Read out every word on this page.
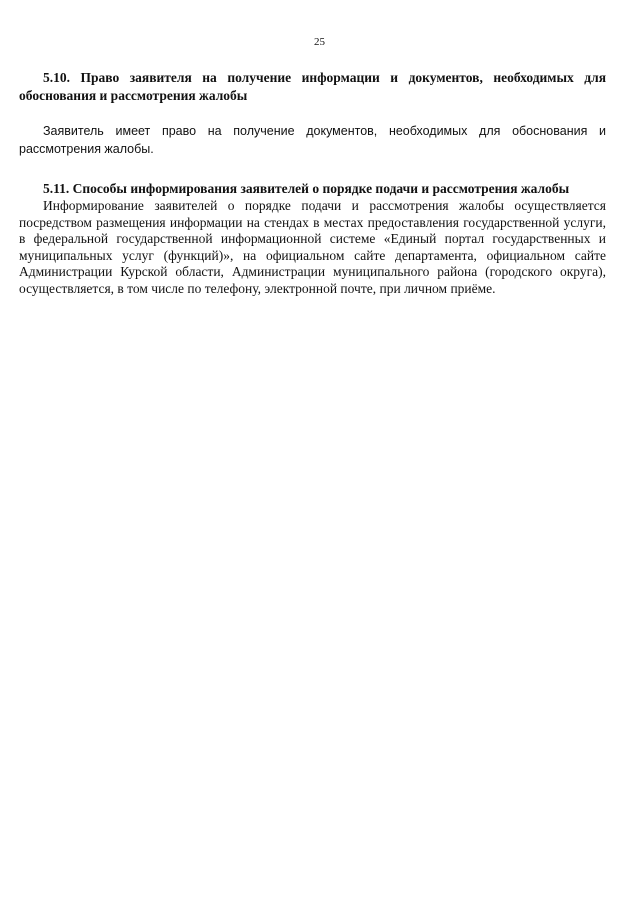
25

5.10. Право заявителя на получение информации и документов, необходимых для обоснования и рассмотрения жалобы

Заявитель имеет право на получение документов, необходимых для обоснования и рассмотрения жалобы.

5.11. Способы информирования заявителей о порядке подачи и рассмотрения жалобы

Информирование заявителей о порядке подачи и рассмотрения жалобы осуществляется посредством размещения информации на стендах в местах предоставления государственной услуги, в федеральной государственной информационной системе «Единый портал государственных и муниципальных услуг (функций)», на официальном сайте департамента, официальном сайте Администрации Курской области, Администрации муниципального района (городского округа), осуществляется, в том числе по телефону, электронной почте, при личном приёме.
